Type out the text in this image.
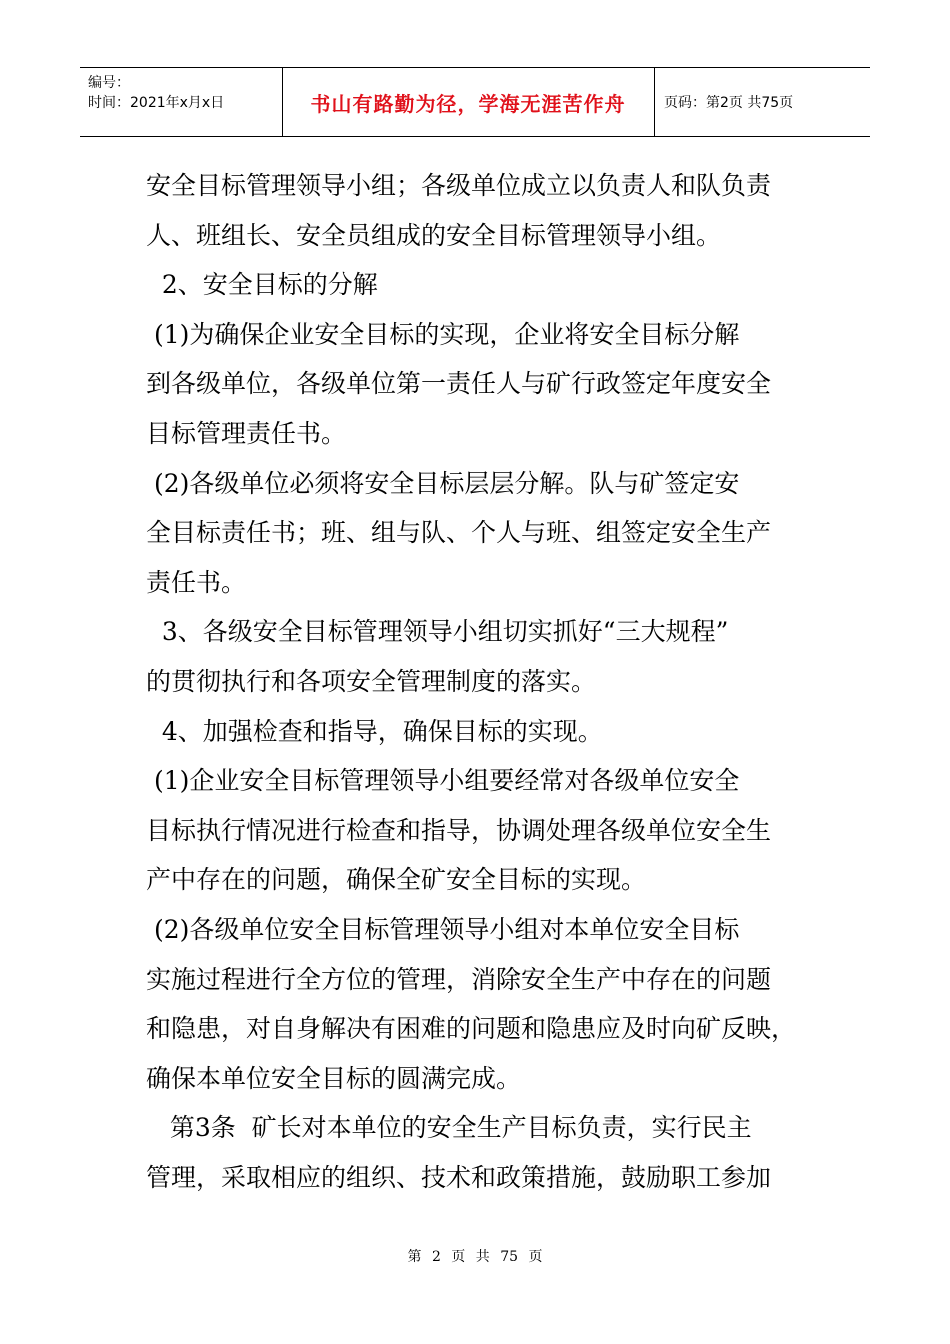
编号：
时间：2021年x月x日	书山有路勤为径，学海无涯苦作舟	页码：第2页 共75页

安全目标管理领导小组；各级单位成立以负责人和队负责

人、班组长、安全员组成的安全目标管理领导小组。

2、安全目标的分解

(1)为确保企业安全目标的实现，企业将安全目标分解

到各级单位，各级单位第一责任人与矿行政签定年度安全

目标管理责任书。

(2)各级单位必须将安全目标层层分解。队与矿签定安

全目标责任书；班、组与队、个人与班、组签定安全生产

责任书。

3、各级安全目标管理领导小组切实抓好“三大规程”

的贯彻执行和各项安全管理制度的落实。

4、加强检查和指导，确保目标的实现。

(1)企业安全目标管理领导小组要经常对各级单位安全

目标执行情况进行检查和指导，协调处理各级单位安全生

产中存在的问题，确保全矿安全目标的实现。

(2)各级单位安全目标管理领导小组对本单位安全目标

实施过程进行全方位的管理，消除安全生产中存在的问题

和隐患，对自身解决有困难的问题和隐患应及时向矿反映，

确保本单位安全目标的圆满完成。

第3条  矿长对本单位的安全生产目标负责，实行民主

管理，采取相应的组织、技术和政策措施，鼓励职工参加

第 2 页 共 75 页
